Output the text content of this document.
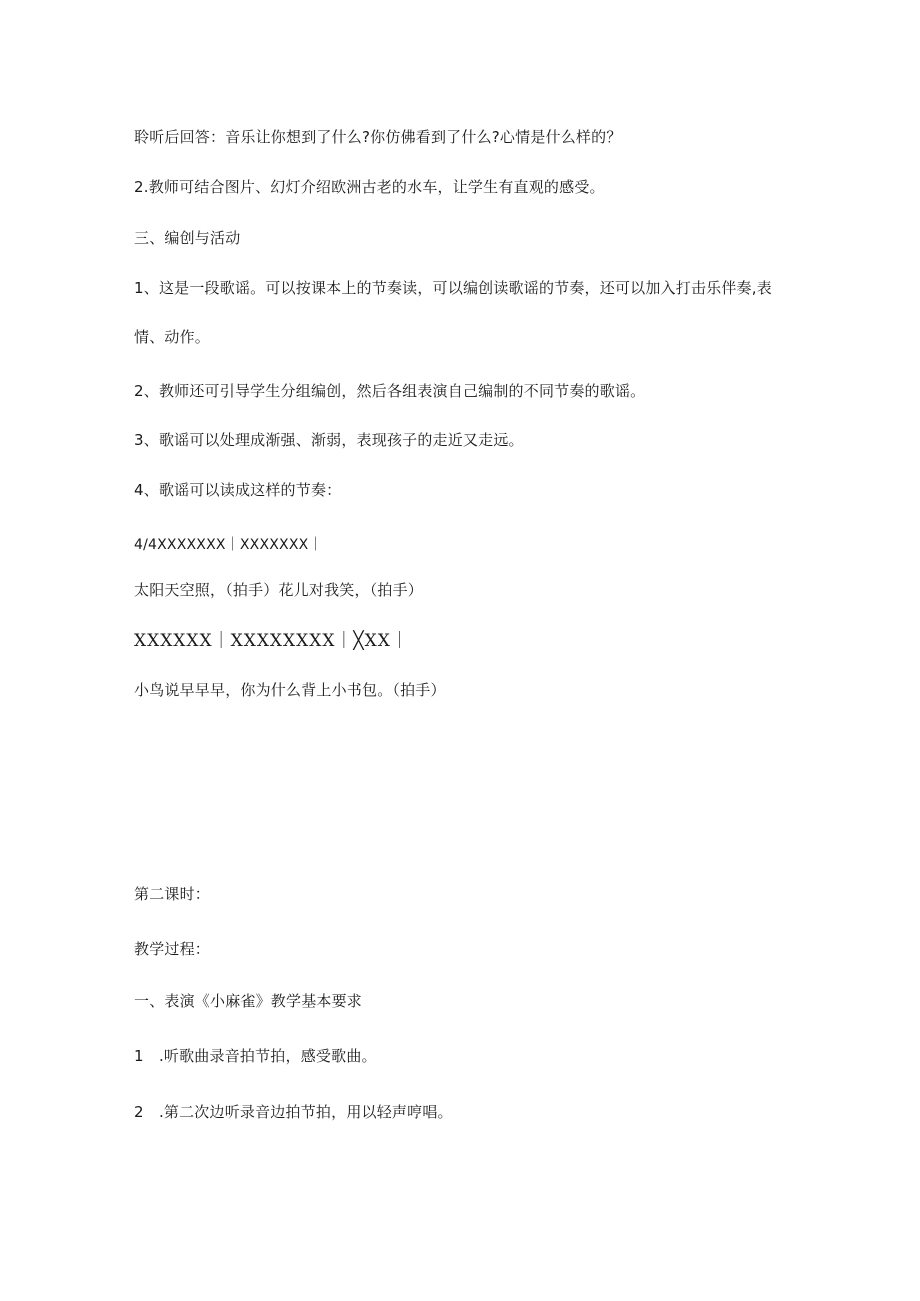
聆听后回答：音乐让你想到了什么?你仿佛看到了什么?心情是什么样的？
2.教师可结合图片、幻灯介绍欧洲古老的水车，让学生有直观的感受。
三、编创与活动
1、这是一段歌谣。可以按课本上的节奏读，可以编创读歌谣的节奏，还可以加入打击乐伴奏,表
情、动作。
2、教师还可引导学生分组编创，然后各组表演自己编制的不同节奏的歌谣。
3、歌谣可以处理成渐强、渐弱，表现孩子的走近又走远。
4、歌谣可以读成这样的节奏：
4/4XXXXXXX｜XXXXXXX｜
太阳天空照，（拍手）花儿对我笑，（拍手）
XXXXXX｜XXXXXXXX｜╳XX｜
小鸟说早早早，你为什么背上小书包。（拍手）
第二课时：
教学过程：
一、表演《小麻雀》教学基本要求
1　.听歌曲录音拍节拍，感受歌曲。
2　.第二次边听录音边拍节拍，用以轻声哼唱。
